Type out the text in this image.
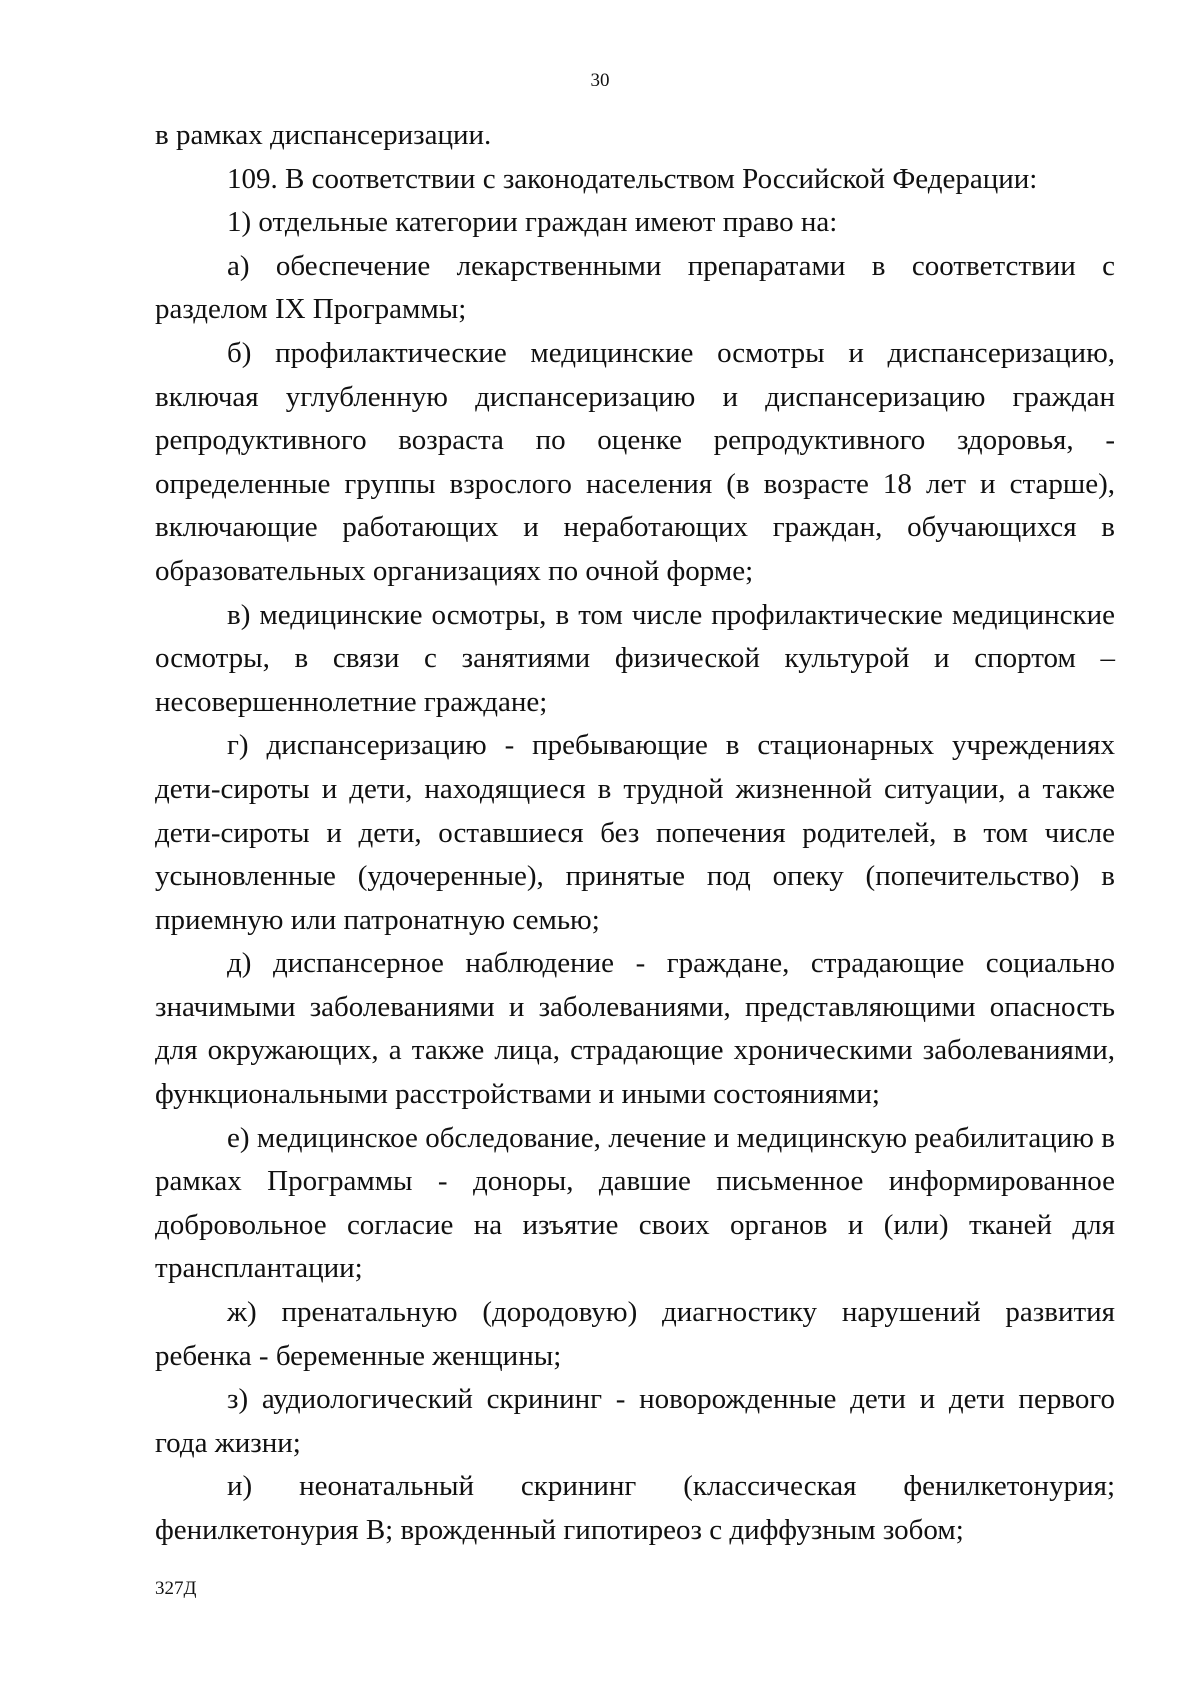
30

в рамках диспансеризации.

109. В соответствии с законодательством Российской Федерации:

1) отдельные категории граждан имеют право на:

а) обеспечение лекарственными препаратами в соответствии с разделом IX Программы;

б) профилактические медицинские осмотры и диспансеризацию, включая углубленную диспансеризацию и диспансеризацию граждан репродуктивного возраста по оценке репродуктивного здоровья, - определенные группы взрослого населения (в возрасте 18 лет и старше), включающие работающих и неработающих граждан, обучающихся в образовательных организациях по очной форме;

в) медицинские осмотры, в том числе профилактические медицинские осмотры, в связи с занятиями физической культурой и спортом – несовершеннолетние граждане;

г) диспансеризацию - пребывающие в стационарных учреждениях дети-сироты и дети, находящиеся в трудной жизненной ситуации, а также дети-сироты и дети, оставшиеся без попечения родителей, в том числе усыновленные (удочеренные), принятые под опеку (попечительство) в приемную или патронатную семью;

д) диспансерное наблюдение - граждане, страдающие социально значимыми заболеваниями и заболеваниями, представляющими опасность для окружающих, а также лица, страдающие хроническими заболеваниями, функциональными расстройствами и иными состояниями;

е) медицинское обследование, лечение и медицинскую реабилитацию в рамках Программы - доноры, давшие письменное информированное добровольное согласие на изъятие своих органов и (или) тканей для трансплантации;

ж) пренатальную (дородовую) диагностику нарушений развития ребенка - беременные женщины;

з) аудиологический скрининг - новорожденные дети и дети первого года жизни;

и) неонатальный скрининг (классическая фенилкетонурия; фенилкетонурия B; врожденный гипотиреоз с диффузным зобом;

327Д
